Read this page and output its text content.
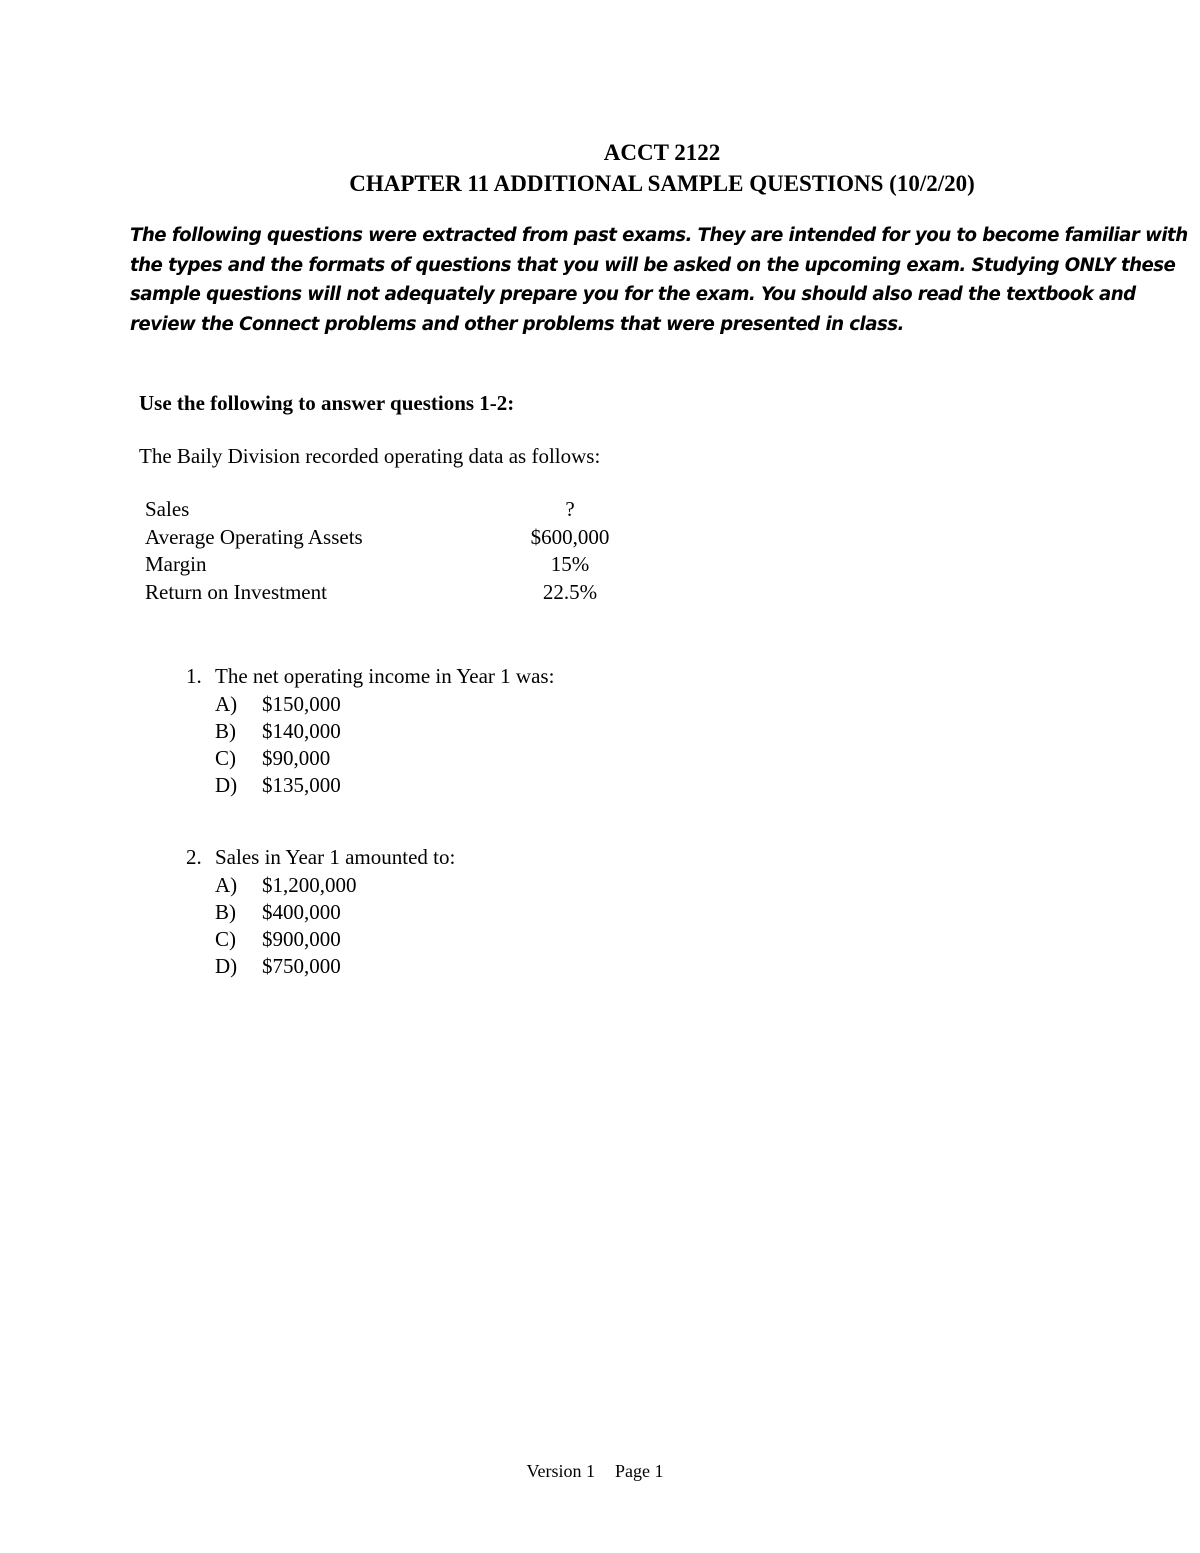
ACCT 2122
CHAPTER 11 ADDITIONAL SAMPLE QUESTIONS (10/2/20)

The following questions were extracted from past exams. They are intended for you to become familiar with
the types and the formats of questions that you will be asked on the upcoming exam. Studying ONLY these
sample questions will not adequately prepare you for the exam. You should also read the textbook and
review the Connect problems and other problems that were presented in class.

Use the following to answer questions 1-2:

The Baily Division recorded operating data as follows:

Sales	?
Average Operating Assets	$600,000
Margin	15%
Return on Investment	22.5%
1. The net operating income in Year 1 was:
A) $150,000
B) $140,000
C) $90,000
D) $135,000
2. Sales in Year 1 amounted to:
A) $1,200,000
B) $400,000
C) $900,000
D) $750,000

Version 1 Page 1
